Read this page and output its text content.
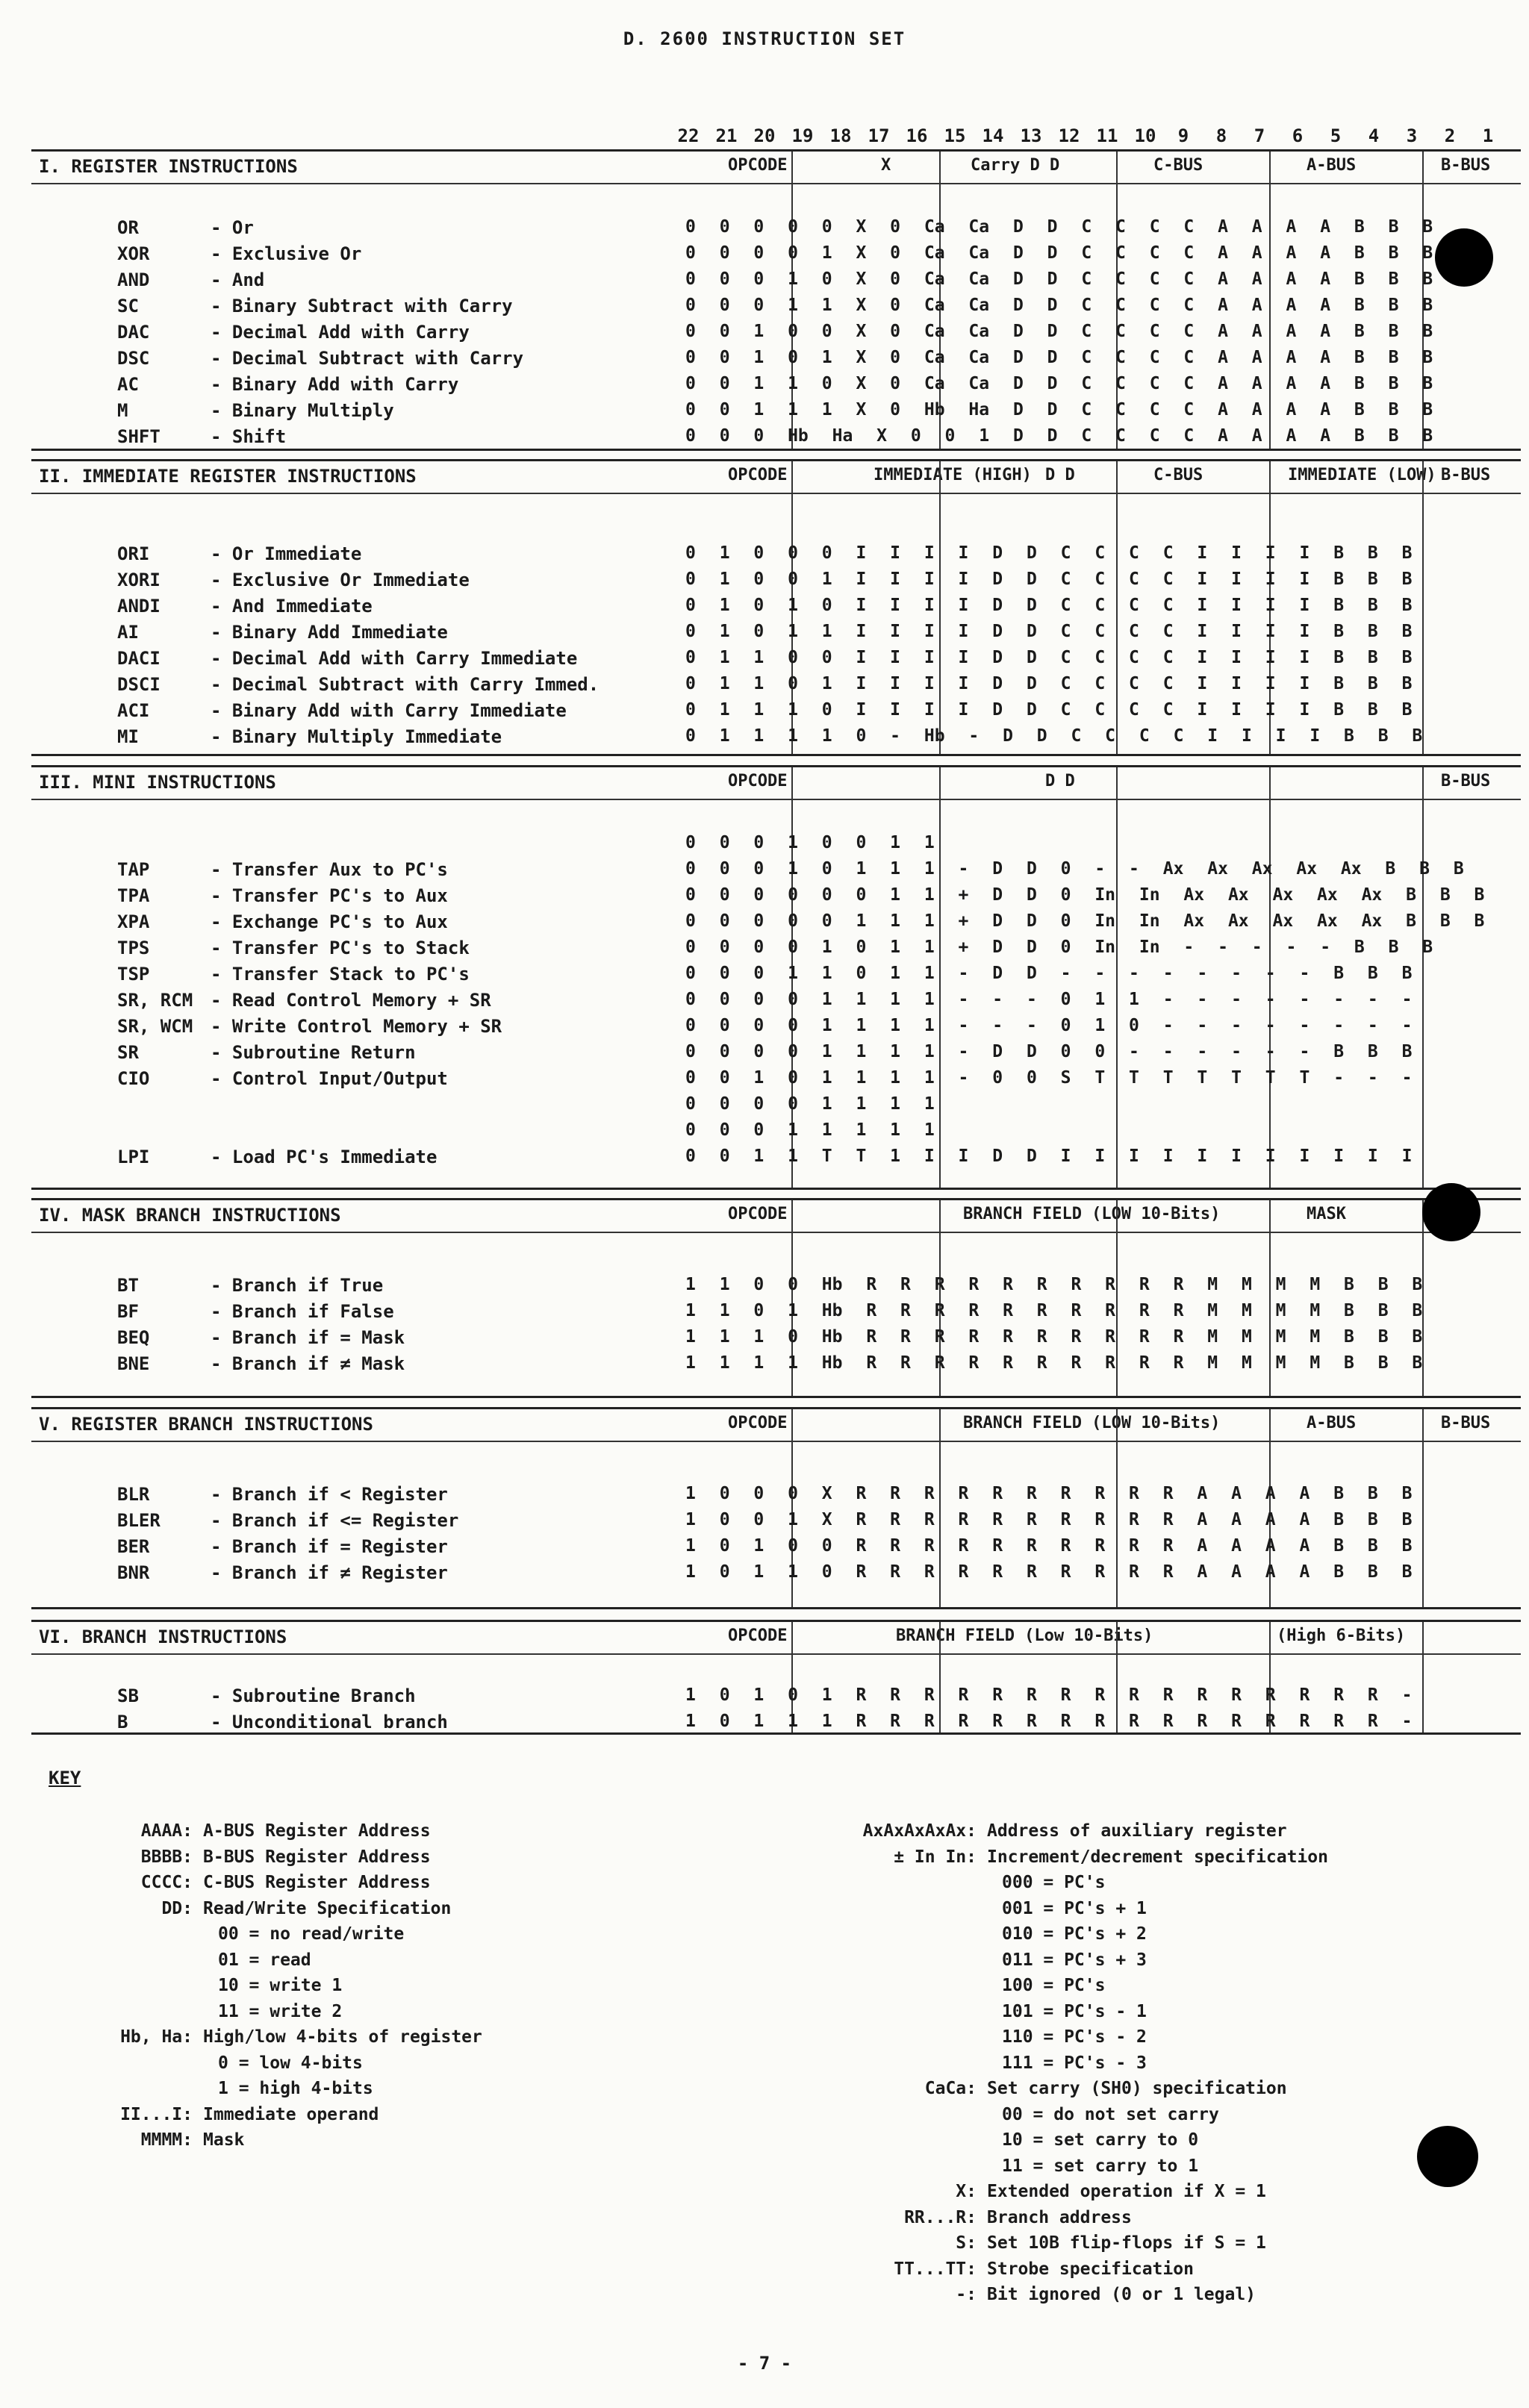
D. 2600 INSTRUCTION SET
22 21 20 19 18 17 16 15 14 13 12 11 10	9	8	7	6	5	4	3	2	1
I. REGISTER INSTRUCTIONS	OPCODE	X	Carry D D	C-BUS	A-BUS	B-BUS
OR	- Or	0 0 0 0 0 X 0 Ca Ca D D C C C C A A A A B B B
XOR	- Exclusive Or	0 0 0 0 1 X 0 Ca Ca D D C C C C A A A A B B B
AND	- And	0 0 0 1 0 X 0 Ca Ca D D C C C C A A A A B B B
SC	- Binary Subtract with Carry	0 0 0 1 1 X 0 Ca Ca D D C C C C A A A A B B B
DAC	- Decimal Add with Carry	0 0 1 0 0 X 0 Ca Ca D D C C C C A A A A B B B
DSC	- Decimal Subtract with Carry	0 0 1 0 1 X 0 Ca Ca D D C C C C A A A A B B B
AC	- Binary Add with Carry	0 0 1 1 0 X 0 Ca Ca D D C C C C A A A A B B B
M	- Binary Multiply	0 0 1 1 1 X 0 Hb Ha D D C C C C A A A A B B B
SHFT	- Shift	0 0 0 Hb Ha X 0 0 1 D D C C C C A A A A B B B
II. IMMEDIATE REGISTER INSTRUCTIONS	OPCODE	IMMEDIATE (HIGH) D D	C-BUS	IMMEDIATE (LOW) B-BUS
ORI	- Or Immediate	0 1 0 0 0 I I I I D D C C C C I I I I B B B
XORI	- Exclusive Or Immediate	0 1 0 0 1 I I I I D D C C C C I I I I B B B
ANDI	- And Immediate	0 1 0 1 0 I I I I D D C C C C I I I I B B B
AI	- Binary Add Immediate	0 1 0 1 1 I I I I D D C C C C I I I I B B B
DACI	- Decimal Add with Carry Immediate	0 1 1 0 0 I I I I D D C C C C I I I I B B B
DSCI	- Decimal Subtract with Carry Immed.	0 1 1 0 1 I I I I D D C C C C I I I I B B B
ACI	- Binary Add with Carry Immediate	0 1 1 1 0 I I I I D D C C C C I I I I B B B
MI	- Binary Multiply Immediate	0 1 1 1 1 0 - Hb - D D C C C C I I I I B B B
III. MINI INSTRUCTIONS	OPCODE	D D	B-BUS
0 0 0 1 0 0 1 1
TAP	- Transfer Aux to PC's	0 0 0 1 0 1 1 1 - D D 0 - - Ax Ax Ax Ax Ax B B B
TPA	- Transfer PC's to Aux	0 0 0 0 0 0 1 1 + D D 0 In In Ax Ax Ax Ax Ax B B B
XPA	- Exchange PC's to Aux	0 0 0 0 0 1 1 1 + D D 0 In In Ax Ax Ax Ax Ax B B B
TPS	- Transfer PC's to Stack	0 0 0 0 1 0 1 1 + D D 0 In In - - - - - B B B
TSP	- Transfer Stack to PC's	0 0 0 1 1 0 1 1 - D D - - - - - - - - B B B
SR, RCM - Read Control Memory + SR	0 0 0 0 1 1 1 1 - - - 0 1 1 - - - - - - - -
SR, WCM - Write Control Memory + SR	0 0 0 0 1 1 1 1 - - - 0 1 0 - - - - - - - -
SR	- Subroutine Return	0 0 0 0 1 1 1 1 - D D 0 0 - - - - - - B B B
CIO	- Control Input/Output	0 0 1 0 1 1 1 1 - 0 0 S T T T T T T T - - -
0 0 0 0 1 1 1 1
0 0 0 1 1 1 1 1
LPI	- Load PC's Immediate	0 0 1 1 T T 1 I I D D I I I I I I I I I I I
IV. MASK BRANCH INSTRUCTIONS	OPCODE	BRANCH FIELD (LOW 10-Bits)	MASK
BT	- Branch if True	1 1 0 0 Hb R R R R R R R R R R M M M M B B B
BF	- Branch if False	1 1 0 1 Hb R R R R R R R R R R M M M M B B B
BEQ	- Branch if = Mask	1 1 1 0 Hb R R R R R R R R R R M M M M B B B
BNE	- Branch if ≠ Mask	1 1 1 1 Hb R R R R R R R R R R M M M M B B B
V. REGISTER BRANCH INSTRUCTIONS	OPCODE	BRANCH FIELD (LOW 10-Bits)	A-BUS	B-BUS
BLR	- Branch if < Register	1 0 0 0 X R R R R R R R R R R A A A A B B B
BLER	- Branch if <= Register	1 0 0 1 X R R R R R R R R R R A A A A B B B
BER	- Branch if = Register	1 0 1 0 0 R R R R R R R R R R A A A A B B B
BNR	- Branch if ≠ Register	1 0 1 1 0 R R R R R R R R R R A A A A B B B
VI. BRANCH INSTRUCTIONS	OPCODE	BRANCH FIELD (Low 10-Bits)	(High 6-Bits)
SB	- Subroutine Branch	1 0 1 0 1 R R R R R R R R R R R R R R R R -
B	- Unconditional branch	1 0 1 1 1 R R R R R R R R R R R R R R R R -
KEY
AAAA: A-BUS Register Address
BBBB: B-BUS Register Address
CCCC: C-BUS Register Address
DD: Read/Write Specification
00 = no read/write
01 = read
10 = write 1
11 = write 2
Hb, Ha: High/low 4-bits of register
0 = low 4-bits
1 = high 4-bits
II...I: Immediate operand
MMMM: Mask
AxAxAxAxAx: Address of auxiliary register
± In In: Increment/decrement specification
000 = PC's
001 = PC's + 1
010 = PC's + 2
011 = PC's + 3
100 = PC's
101 = PC's - 1
110 = PC's - 2
111 = PC's - 3
CaCa: Set carry (SH0) specification
00 = do not set carry
10 = set carry to 0
11 = set carry to 1
X: Extended operation if X = 1
RR...R: Branch address
S: Set 10B flip-flops if S = 1
TT...TT: Strobe specification
-: Bit ignored (0 or 1 legal)
- 7 -
